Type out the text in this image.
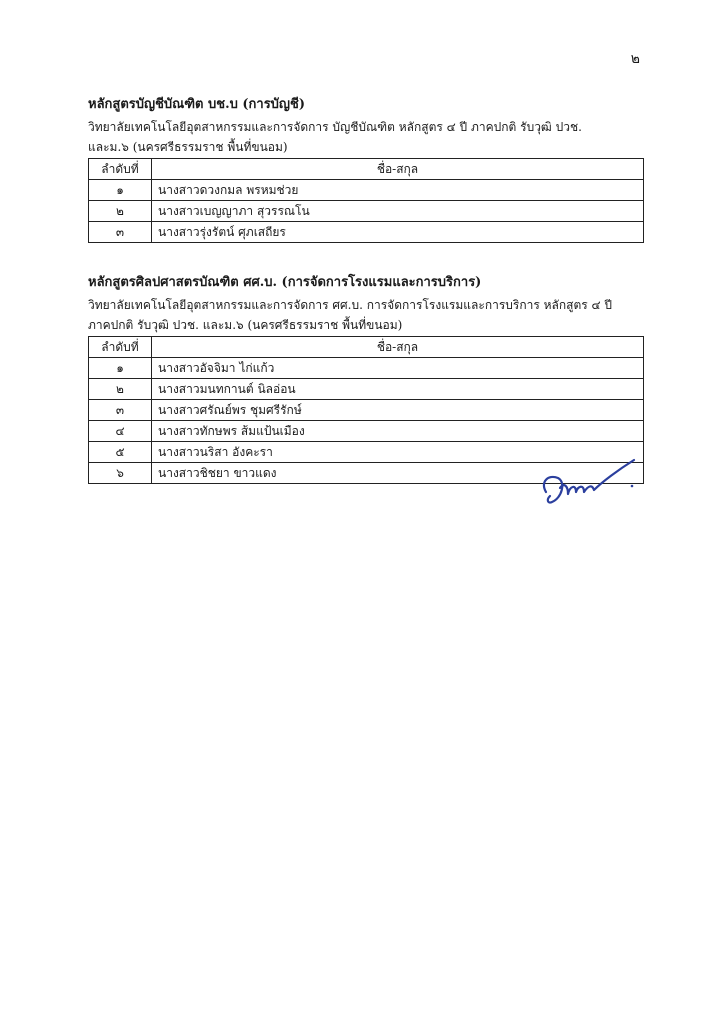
๒
หลักสูตรบัญชีบัณฑิต บช.บ (การบัญชี)
วิทยาลัยเทคโนโลยีอุตสาหกรรมและการจัดการ บัญชีบัณฑิต หลักสูตร ๔ ปี ภาคปกติ รับวุฒิ ปวช.
และม.๖ (นครศรีธรรมราช พื้นที่ขนอม)
ลำดับที่	ชื่อ-สกุล
๑	นางสาวดวงกมล พรหมช่วย
๒	นางสาวเบญญาภา สุวรรณโน
๓	นางสาวรุ่งรัตน์ ศุภเสถียร
หลักสูตรศิลปศาสตรบัณฑิต ศศ.บ. (การจัดการโรงแรมและการบริการ)
วิทยาลัยเทคโนโลยีอุตสาหกรรมและการจัดการ ศศ.บ. การจัดการโรงแรมและการบริการ หลักสูตร ๔ ปี
ภาคปกติ รับวุฒิ ปวช. และม.๖ (นครศรีธรรมราช พื้นที่ขนอม)
ลำดับที่	ชื่อ-สกุล
๑	นางสาวอัจจิมา ไก่แก้ว
๒	นางสาวมนทกานต์ นิลอ่อน
๓	นางสาวศรัณย์พร ชุมศรีรักษ์
๔	นางสาวทักษพร ส้มแป้นเมือง
๕	นางสาวนริสา อังคะรา
๖	นางสาวชิชยา ขาวแดง
